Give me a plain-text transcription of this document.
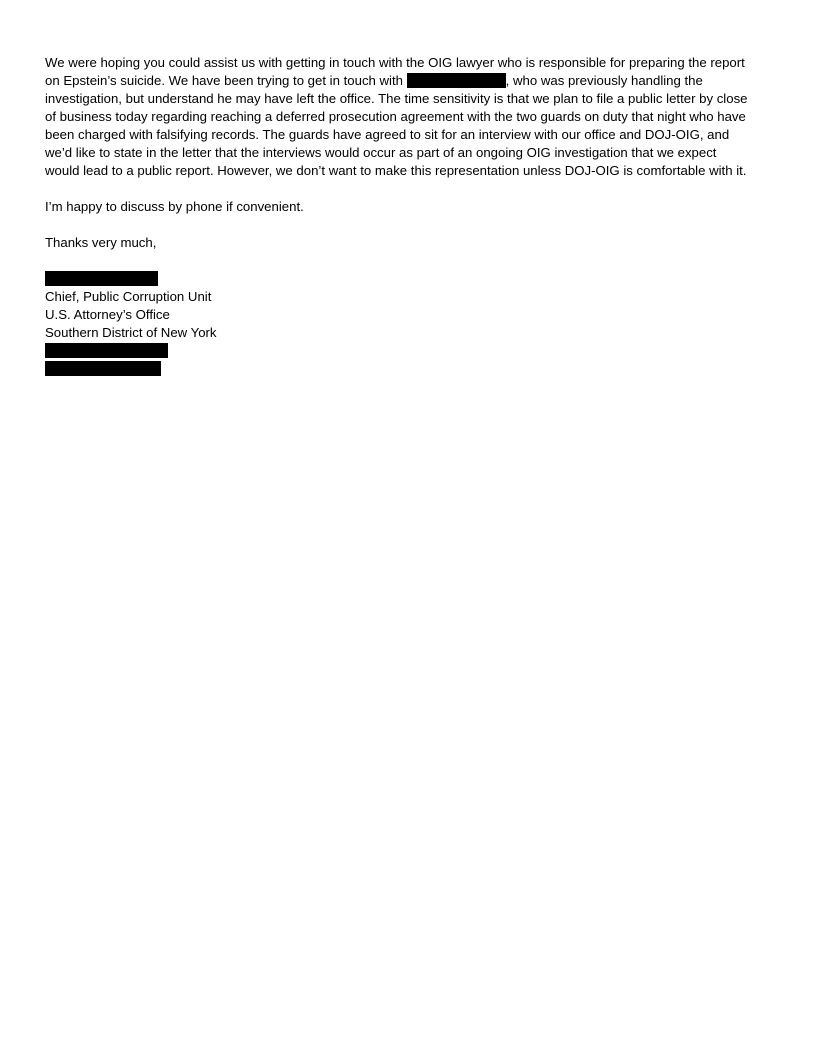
We were hoping you could assist us with getting in touch with the OIG lawyer who is responsible for preparing the report
on Epstein’s suicide. We have been trying to get in touch with	, who was previously handling the
investigation, but understand he may have left the office. The time sensitivity is that we plan to file a public letter by close
of business today regarding reaching a deferred prosecution agreement with the two guards on duty that night who have
been charged with falsifying records. The guards have agreed to sit for an interview with our office and DOJ-OIG, and
we’d like to state in the letter that the interviews would occur as part of an ongoing OIG investigation that we expect
would lead to a public report. However, we don’t want to make this representation unless DOJ-OIG is comfortable with it.

I’m happy to discuss by phone if convenient.

Thanks very much,

Chief, Public Corruption Unit
U.S. Attorney’s Office
Southern District of New York
